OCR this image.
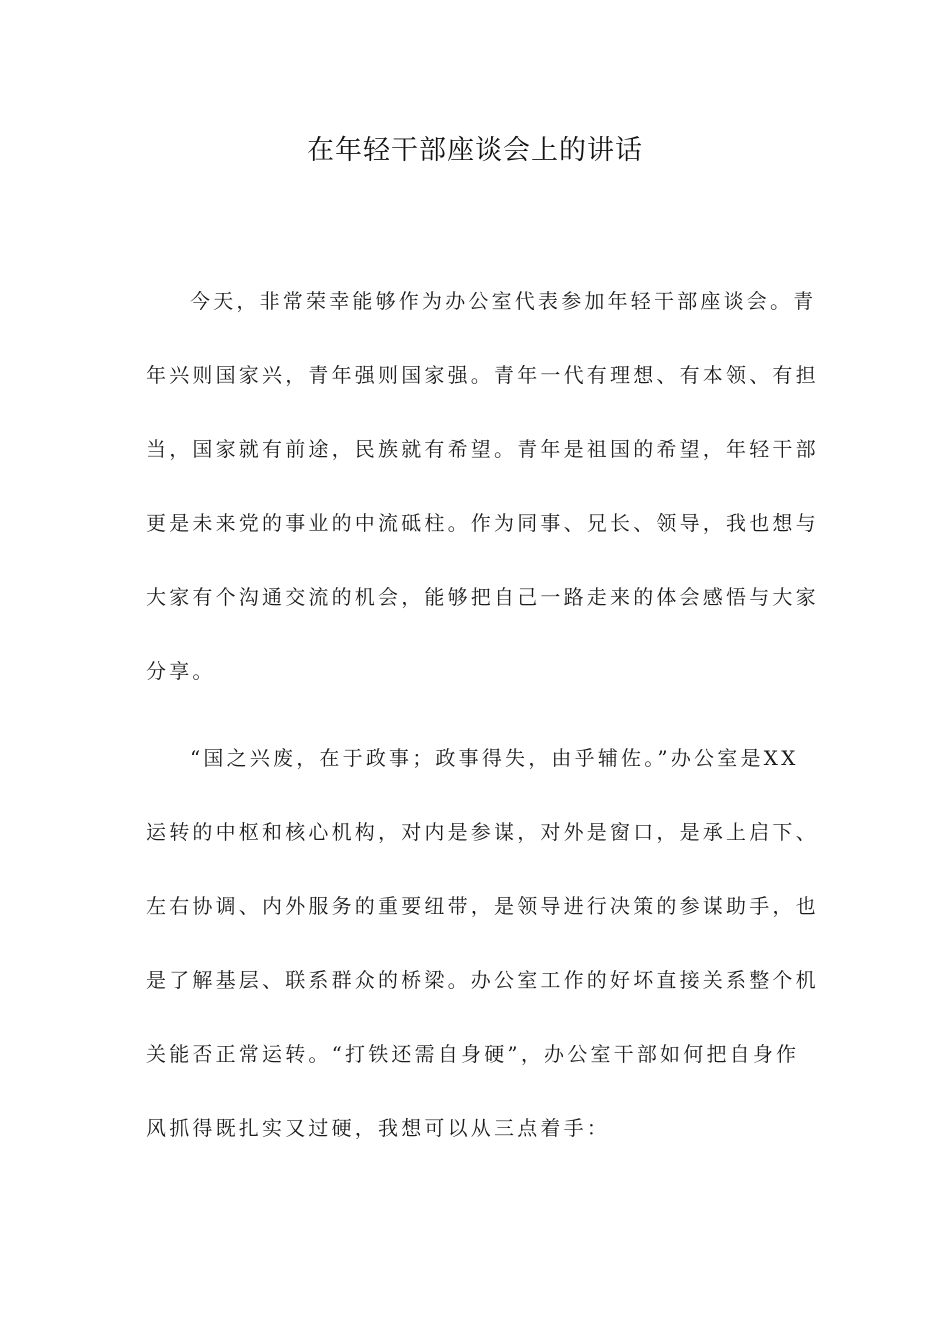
在年轻干部座谈会上的讲话
今天，非常荣幸能够作为办公室代表参加年轻干部座谈会。青
年兴则国家兴，青年强则国家强。青年一代有理想、有本领、有担
当，国家就有前途，民族就有希望。青年是祖国的希望，年轻干部
更是未来党的事业的中流砥柱。作为同事、兄长、领导，我也想与
大家有个沟通交流的机会，能够把自己一路走来的体会感悟与大家
分享。
“国之兴废，在于政事；政事得失，由乎辅佐。”办公室是XX
运转的中枢和核心机构，对内是参谋，对外是窗口，是承上启下、
左右协调、内外服务的重要纽带，是领导进行决策的参谋助手，也
是了解基层、联系群众的桥梁。办公室工作的好坏直接关系整个机
关能否正常运转。“打铁还需自身硬”，办公室干部如何把自身作
风抓得既扎实又过硬，我想可以从三点着手：
